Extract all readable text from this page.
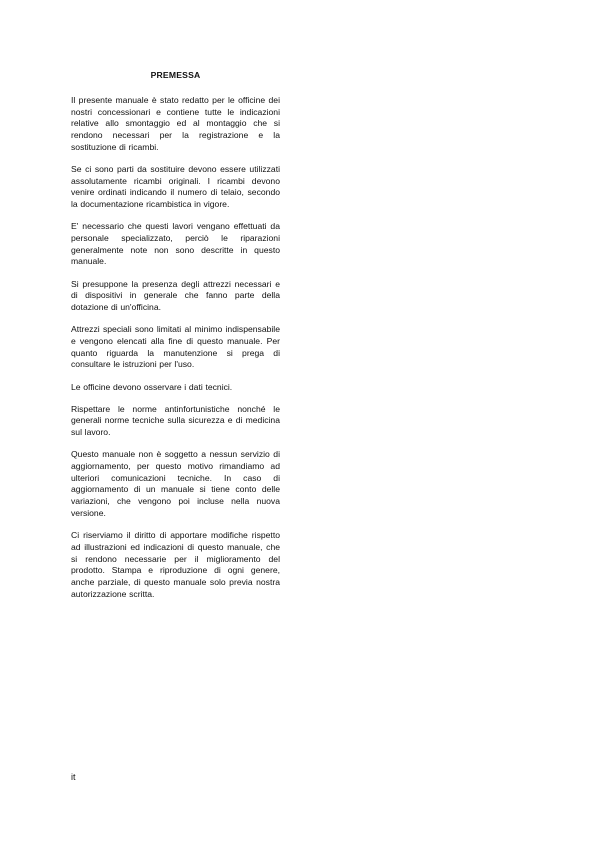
PREMESSA

Il presente manuale è stato redatto per le officine dei nostri concessionari e contiene tutte le indicazioni relative allo smontaggio ed al montaggio che si rendono necessari per la registrazione e la sostituzione di ricambi.

Se ci sono parti da sostituire devono essere utilizzati assolutamente ricambi originali. I ricambi devono venire ordinati indicando il numero di telaio, secondo la documentazione ricambistica in vigore.

E' necessario che questi lavori vengano effettuati da personale specializzato, perciò le riparazioni generalmente note non sono descritte in questo manuale.

Si presuppone la presenza degli attrezzi necessari e di dispositivi in generale che fanno parte della dotazione di un'officina.

Attrezzi speciali sono limitati al minimo indispensabile e vengono elencati alla fine di questo manuale. Per quanto riguarda la manutenzione si prega di consultare le istruzioni per l'uso.

Le officine devono osservare i dati tecnici.

Rispettare le norme antinfortunistiche nonché le generali norme tecniche sulla sicurezza e di medicina sul lavoro.

Questo manuale non è soggetto a nessun servizio di aggiornamento, per questo motivo rimandiamo ad ulteriori comunicazioni tecniche. In caso di aggiornamento di un manuale si tiene conto delle variazioni, che vengono poi incluse nella nuova versione.

Ci riserviamo il diritto di apportare modifiche rispetto ad illustrazioni ed indicazioni di questo manuale, che si rendono necessarie per il miglioramento del prodotto. Stampa e riproduzione di ogni genere, anche parziale, di questo manuale solo previa nostra autorizzazione scritta.

it
